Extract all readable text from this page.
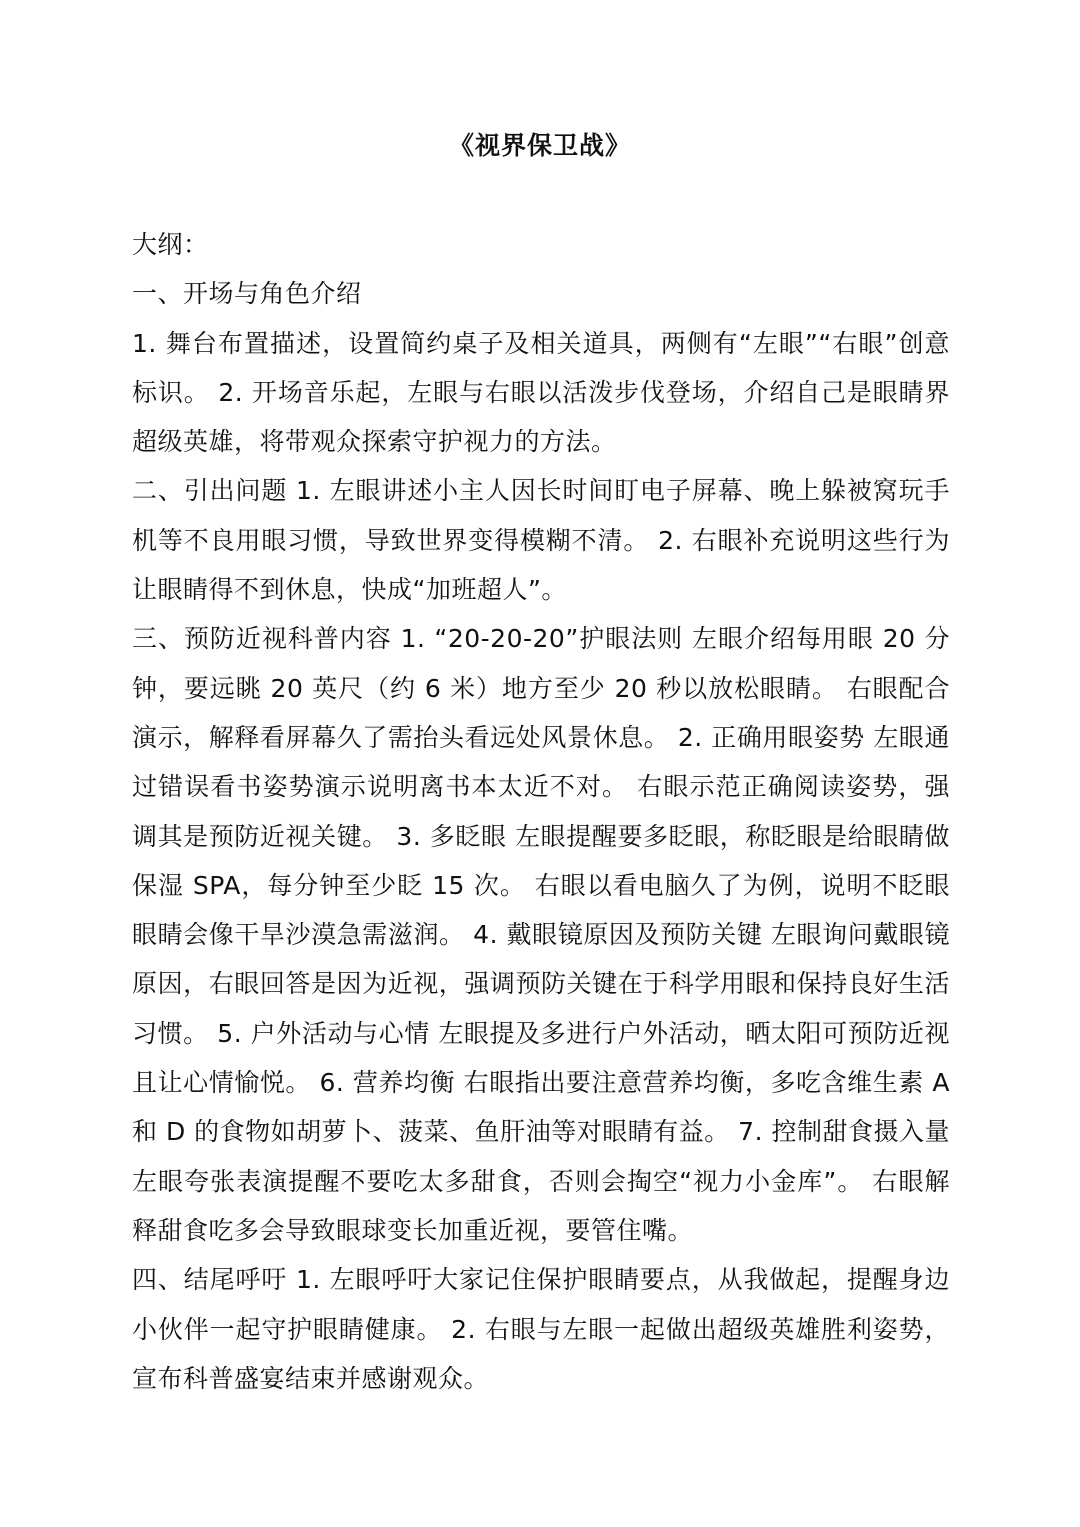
《视界保卫战》

大纲：

一、开场与角色介绍

1. 舞台布置描述，设置简约桌子及相关道具，两侧有“左眼”“右眼”创意标识。 2. 开场音乐起，左眼与右眼以活泼步伐登场，介绍自己是眼睛界超级英雄，将带观众探索守护视力的方法。

二、引出问题 1. 左眼讲述小主人因长时间盯电子屏幕、晚上躲被窝玩手机等不良用眼习惯，导致世界变得模糊不清。 2. 右眼补充说明这些行为让眼睛得不到休息，快成“加班超人”。

三、预防近视科普内容 1. “20-20-20”护眼法则 左眼介绍每用眼 20 分钟，要远眺 20 英尺（约 6 米）地方至少 20 秒以放松眼睛。 右眼配合演示，解释看屏幕久了需抬头看远处风景休息。 2. 正确用眼姿势 左眼通过错误看书姿势演示说明离书本太近不对。 右眼示范正确阅读姿势，强调其是预防近视关键。 3. 多眨眼 左眼提醒要多眨眼，称眨眼是给眼睛做保湿 SPA，每分钟至少眨 15 次。 右眼以看电脑久了为例，说明不眨眼眼睛会像干旱沙漠急需滋润。 4. 戴眼镜原因及预防关键 左眼询问戴眼镜原因，右眼回答是因为近视，强调预防关键在于科学用眼和保持良好生活习惯。 5. 户外活动与心情 左眼提及多进行户外活动，晒太阳可预防近视且让心情愉悦。 6. 营养均衡 右眼指出要注意营养均衡，多吃含维生素 A 和 D 的食物如胡萝卜、菠菜、鱼肝油等对眼睛有益。 7. 控制甜食摄入量 左眼夸张表演提醒不要吃太多甜食，否则会掏空“视力小金库”。 右眼解释甜食吃多会导致眼球变长加重近视，要管住嘴。

四、结尾呼吁 1. 左眼呼吁大家记住保护眼睛要点，从我做起，提醒身边小伙伴一起守护眼睛健康。 2. 右眼与左眼一起做出超级英雄胜利姿势，宣布科普盛宴结束并感谢观众。
